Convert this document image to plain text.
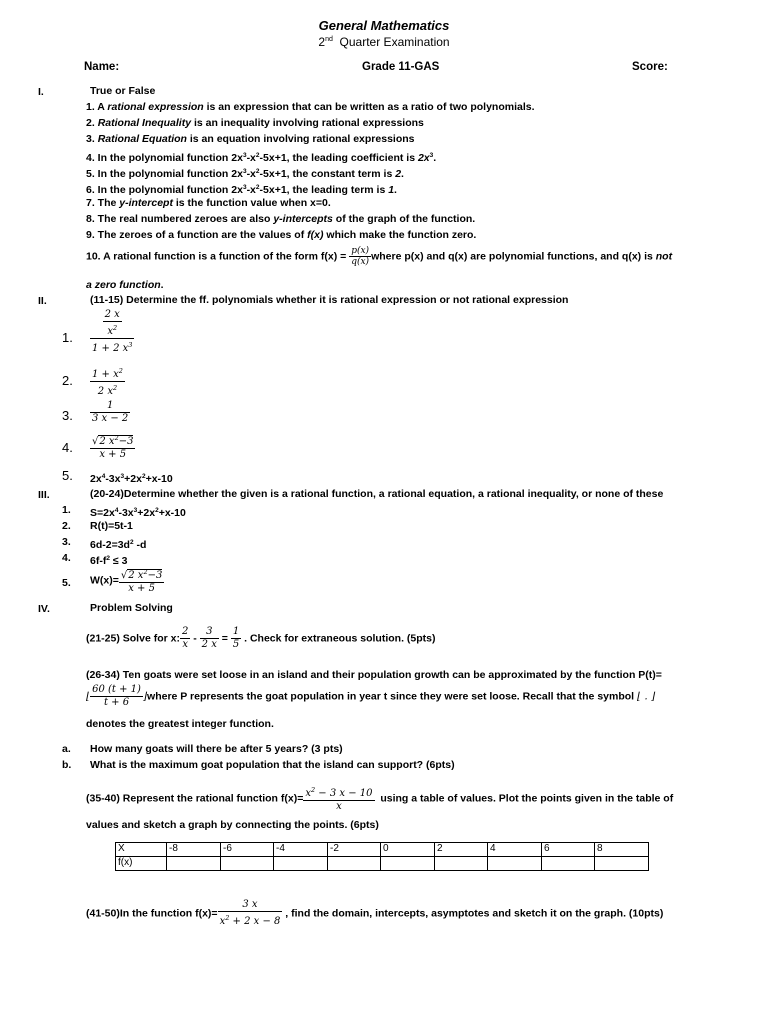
General Mathematics
2nd  Quarter Examination
Name:	Grade 11-GAS	Score:
I.	True or False
1. A rational expression is an expression that can be written as a ratio of two polynomials.
2. Rational Inequality is an inequality involving rational expressions
3. Rational Equation is an equation involving rational expressions
4. In the polynomial function $2x^3-x^2-5x+1$, the leading coefficient is $2x^3$.
5. In the polynomial function $2x^3-x^2-5x+1$, the constant term is 2.
6. In the polynomial function $2x^3-x^2-5x+1$, the leading term is 1.
7. The y-intercept is the function value when x=0.
8. The real numbered zeroes are also y-intercepts of the graph of the function.
9. The zeroes of a function are the values of f(x) which make the function zero.
10. A rational function is a function of the form $f(x) = \frac{p(x)}{q(x)}$ where p(x) and q(x) are polynomial functions, and q(x) is not
a zero function.
II.	(11-15) Determine the ff. polynomials whether it is rational expression or not rational expression
1. $\frac{\frac{2 x}{x^2}}{1 + 2 x^3}$
2. $\frac{1 + x^2}{2 x^2}$
3. $\frac{1}{3 x - 2}$
4. $\frac{√2 x^2-3}{x + 5}$
5. $2x^4-3x^3+2x^2+x-10$
III.	(20-24)Determine whether the given is a rational function, a rational equation, a rational inequality, or none of these
1. $S=2x^4-3x^3+2x^2+x-10$
2. R(t)=5t-1
3. $6d-2=3d^2$ -d
4. $6f-f^2 \le 3$
5. $W(x)= \frac{√2 x^2-3}{x + 5}$
IV.	Problem Solving
(21-25) Solve for x: $\frac{2}{x} - \frac{3}{2 x} = \frac{1}{5}$ . Check for extraneous solution. (5pts)
(26-34) Ten goats were set loose in an island and their population growth can be approximated by the function P(t)=
⌊ $\frac{60 (t + 1)}{t + 6}$ ⌋where P represents the goat population in year t since they were set loose. Recall that the symbol ⌊ . ⌋
denotes the greatest integer function.
a. How many goats will there be after 5 years? (3 pts)
b. What is the maximum goat population that the island can support? (6pts)
(35-40) Represent the rational function $f(x)= \frac{x^2 - 3 x - 10}{x}$ using a table of values. Plot the points given in the table of
values and sketch a graph by connecting the points. (6pts)
X	-8	-6	-4	-2	0	2	4	6	8
f(x)									
(41-50)In the function $f(x)= \frac{3 x}{x^2 + 2 x - 8}$ , find the domain, intercepts, asymptotes and sketch it on the graph. (10pts)
